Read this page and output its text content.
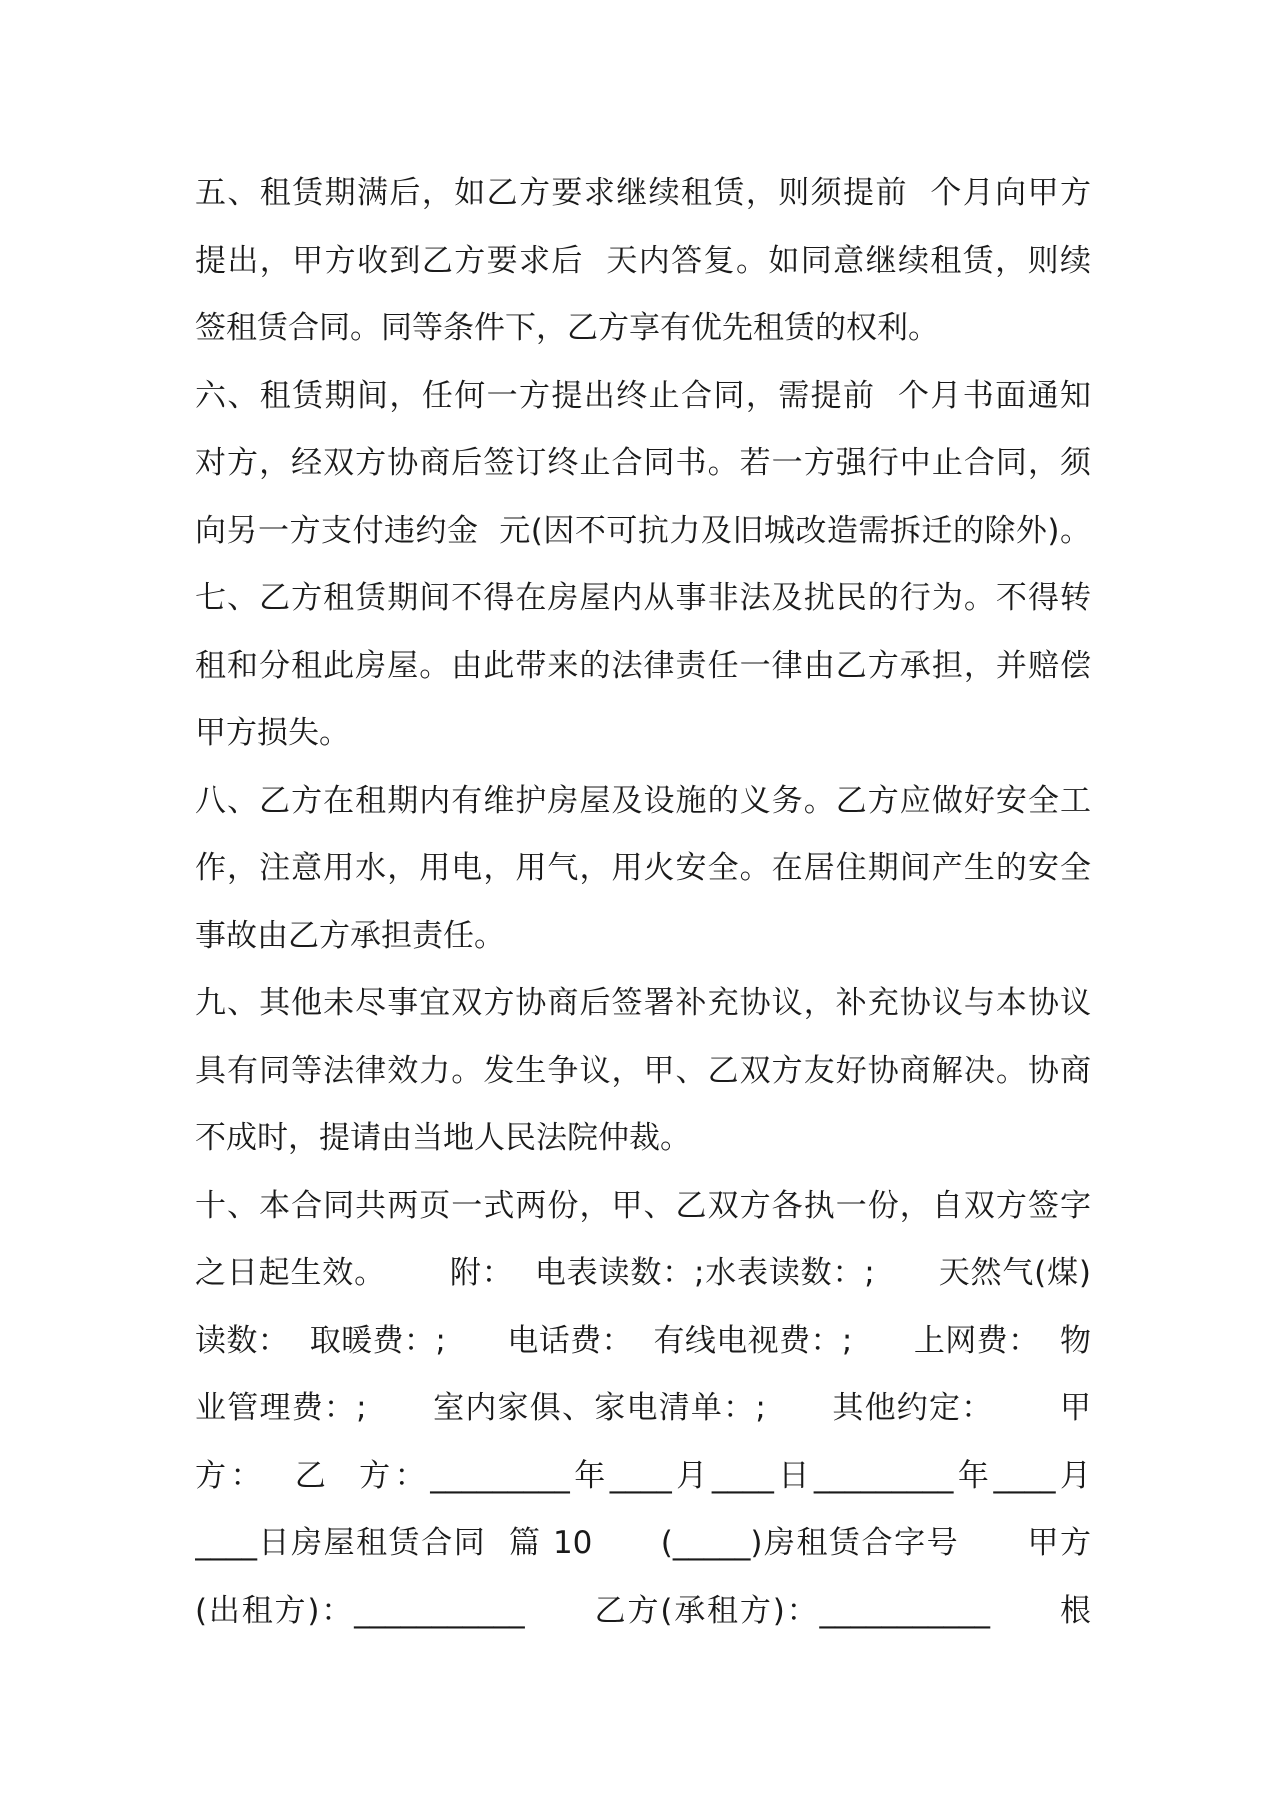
五、租赁期满后，如乙方要求继续租赁，则须提前  个月向甲方
提出，甲方收到乙方要求后  天内答复。如同意继续租赁，则续
签租赁合同。同等条件下，乙方享有优先租赁的权利。
六、租赁期间，任何一方提出终止合同，需提前  个月书面通知
对方，经双方协商后签订终止合同书。若一方强行中止合同，须
向另一方支付违约金  元(因不可抗力及旧城改造需拆迁的除外)。
七、乙方租赁期间不得在房屋内从事非法及扰民的行为。不得转
租和分租此房屋。由此带来的法律责任一律由乙方承担，并赔偿
甲方损失。
八、乙方在租期内有维护房屋及设施的义务。乙方应做好安全工
作，注意用水，用电，用气，用火安全。在居住期间产生的安全
事故由乙方承担责任。
九、其他未尽事宜双方协商后签署补充协议，补充协议与本协议
具有同等法律效力。发生争议，甲、乙双方友好协商解决。协商
不成时，提请由当地人民法院仲裁。
十、本合同共两页一式两份，甲、乙双方各执一份，自双方签字
之日起生效。      附：  电表读数：;水表读数：;      天然气(煤)
读数：  取暖费：;      电话费：  有线电视费：;      上网费：  物
业管理费：;      室内家俱、家电清单：;      其他约定：      甲
方：  乙  方：_________年____月____日_________年____月
____日房屋租赁合同  篇 10      (_____)房租赁合字号      甲方
(出租方)：___________      乙方(承租方)：___________      根
